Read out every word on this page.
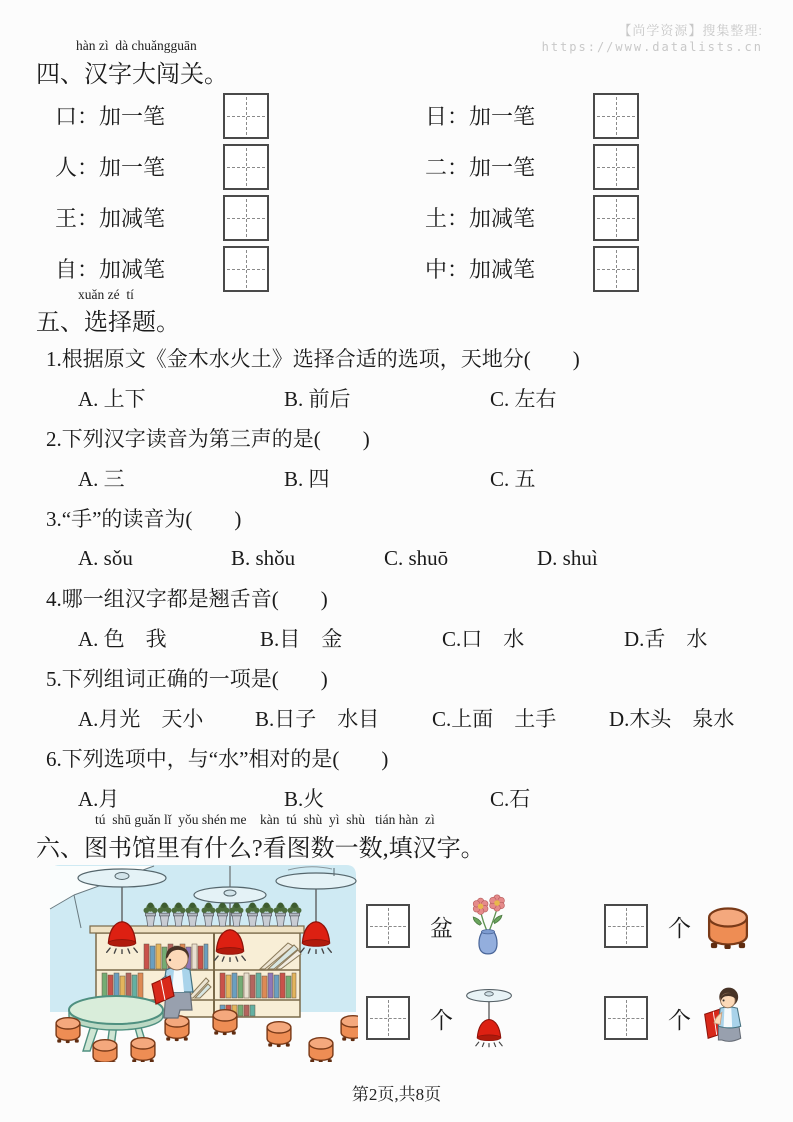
【尚学资源】搜集整理:
https://www.datalists.cn
hàn zì  dà chuǎngguān
四、汉字大闯关。
口：加一笔	日：加一笔
人：加一笔	二：加一笔
王：加减笔	土：加减笔
自：加减笔	中：加减笔
xuǎn zé  tí
五、选择题。
1.根据原文《金木水火土》选择合适的选项，天地分(　　)
A. 上下	B. 前后	C. 左右
2.下列汉字读音为第三声的是(　　)
A. 三	B. 四	C. 五
3.“手”的读音为(　　)
A. sǒu	B. shǒu	C. shuō	D. shuì
4.哪一组汉字都是翘舌音(　　)
A. 色　我	B.目　金	C.口　水	D.舌　水
5.下列组词正确的一项是(　　)
A.月光　天小	B.日子　水目	C.上面　土手	D.木头　泉水
6.下列选项中，与“水”相对的是(　　)
A.月	B.火	C.石
tú  shū guǎn lǐ  yǒu shén me    kàn  tú  shù  yì  shù   tián hàn  zì
六、图书馆里有什么?看图数一数,填汉字。
盆	个
个	个
第2页,共8页
